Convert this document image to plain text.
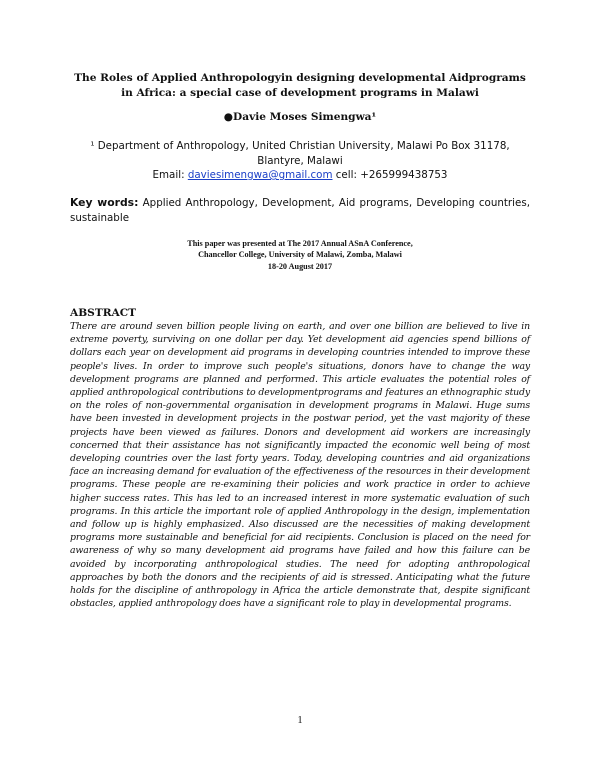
The Roles of Applied Anthropologyin designing developmental Aidprograms in Africa: a special case of development programs in Malawi
●Davie Moses Simengwa¹
¹ Department of Anthropology, United Christian University, Malawi Po Box 31178, Blantyre, Malawi
Email: daviesimengwa@gmail.com cell: +265999438753
Key words: Applied Anthropology, Development, Aid programs, Developing countries, sustainable
This paper was presented at The 2017 Annual ASnA Conference,
Chancellor College, University of Malawi, Zomba, Malawi
18-20 August 2017
ABSTRACT
There are around seven billion people living on earth, and over one billion are believed to live in extreme poverty, surviving on one dollar per day. Yet development aid agencies spend billions of dollars each year on development aid programs in developing countries intended to improve these people's lives. In order to improve such people's situations, donors have to change the way development programs are planned and performed. This article evaluates the potential roles of applied anthropological contributions to developmentprograms and features an ethnographic study on the roles of non-governmental organisation in development programs in Malawi. Huge sums have been invested in development projects in the postwar period, yet the vast majority of these projects have been viewed as failures. Donors and development aid workers are increasingly concerned that their assistance has not significantly impacted the economic well being of most developing countries over the last forty years. Today, developing countries and aid organizations face an increasing demand for evaluation of the effectiveness of the resources in their development programs. These people are re-examining their policies and work practice in order to achieve higher success rates. This has led to an increased interest in more systematic evaluation of such programs. In this article the important role of applied Anthropology in the design, implementation and follow up is highly emphasized. Also discussed are the necessities of making development programs more sustainable and beneficial for aid recipients. Conclusion is placed on the need for awareness of why so many development aid programs have failed and how this failure can be avoided by incorporating anthropological studies. The need for adopting anthropological approaches by both the donors and the recipients of aid is stressed. Anticipating what the future holds for the discipline of anthropology in Africa the article demonstrate that, despite significant obstacles, applied anthropology does have a significant role to play in developmental programs.
1
